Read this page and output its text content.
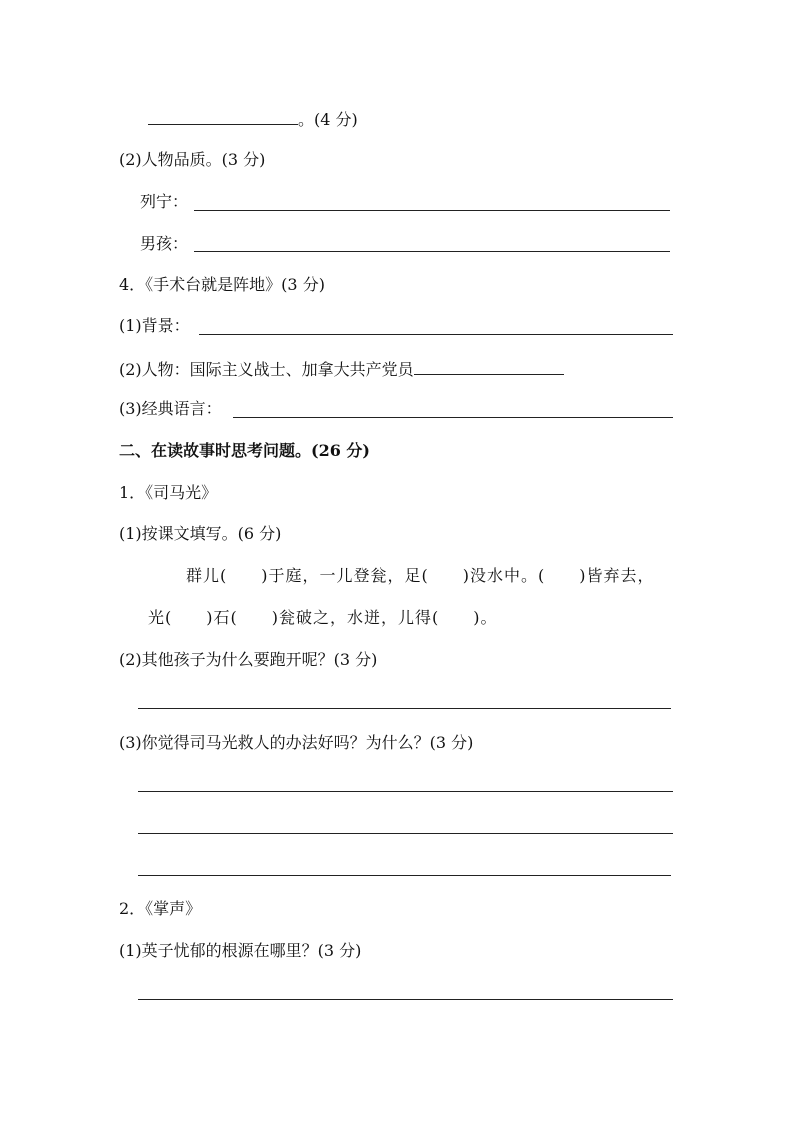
。(4 分)
(2)人物品质。(3 分)
列宁：
男孩：
4．《手术台就是阵地》(3 分)
(1)背景：
(2)人物：国际主义战士、加拿大共产党员
(3)经典语言：
二、在读故事时思考问题。(26 分)
1．《司马光》
(1)按课文填写。(6 分)
群儿(　　)于庭，一儿登瓮，足(　　)没水中。(　　)皆弃去，
光(　　)石(　　)瓮破之，水迸，儿得(　　)。
(2)其他孩子为什么要跑开呢？(3 分)
(3)你觉得司马光救人的办法好吗？为什么？(3 分)
2．《掌声》
(1)英子忧郁的根源在哪里？(3 分)
